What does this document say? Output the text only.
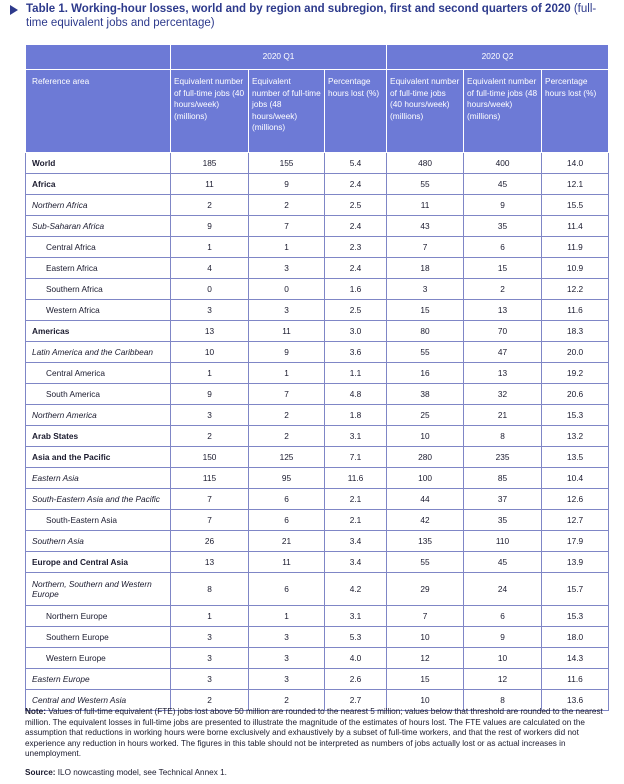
Table 1. Working-hour losses, world and by region and subregion, first and second quarters of 2020 (full-time equivalent jobs and percentage)
	2020 Q1			2020 Q2		
Reference area	Equivalent number of full-time jobs (40 hours/week) (millions)	Equivalent number of full-time jobs (48 hours/week) (millions)	Percentage hours lost (%)	Equivalent number of full-time jobs (40 hours/week) (millions)	Equivalent number of full-time jobs (48 hours/week) (millions)	Percentage hours lost (%)
World	185	155	5.4	480	400	14.0
Africa	11	9	2.4	55	45	12.1
Northern Africa	2	2	2.5	11	9	15.5
Sub-Saharan Africa	9	7	2.4	43	35	11.4
Central Africa	1	1	2.3	7	6	11.9
Eastern Africa	4	3	2.4	18	15	10.9
Southern Africa	0	0	1.6	3	2	12.2
Western Africa	3	3	2.5	15	13	11.6
Americas	13	11	3.0	80	70	18.3
Latin America and the Caribbean	10	9	3.6	55	47	20.0
Central America	1	1	1.1	16	13	19.2
South America	9	7	4.8	38	32	20.6
Northern America	3	2	1.8	25	21	15.3
Arab States	2	2	3.1	10	8	13.2
Asia and the Pacific	150	125	7.1	280	235	13.5
Eastern Asia	115	95	11.6	100	85	10.4
South-Eastern Asia and the Pacific	7	6	2.1	44	37	12.6
South-Eastern Asia	7	6	2.1	42	35	12.7
Southern Asia	26	21	3.4	135	110	17.9
Europe and Central Asia	13	11	3.4	55	45	13.9
Northern, Southern and Western Europe	8	6	4.2	29	24	15.7
Northern Europe	1	1	3.1	7	6	15.3
Southern Europe	3	3	5.3	10	9	18.0
Western Europe	3	3	4.0	12	10	14.3
Eastern Europe	3	3	2.6	15	12	11.6
Central and Western Asia	2	2	2.7	10	8	13.6
Note: Values of full-time equivalent (FTE) jobs lost above 50 million are rounded to the nearest 5 million; values below that threshold are rounded to the nearest million. The equivalent losses in full-time jobs are presented to illustrate the magnitude of the estimates of hours lost. The FTE values are calculated on the assumption that reductions in working hours were borne exclusively and exhaustively by a subset of full-time workers, and that the rest of workers did not experience any reduction in hours worked. The figures in this table should not be interpreted as numbers of jobs actually lost or as actual increases in unemployment.
Source: ILO nowcasting model, see Technical Annex 1.
